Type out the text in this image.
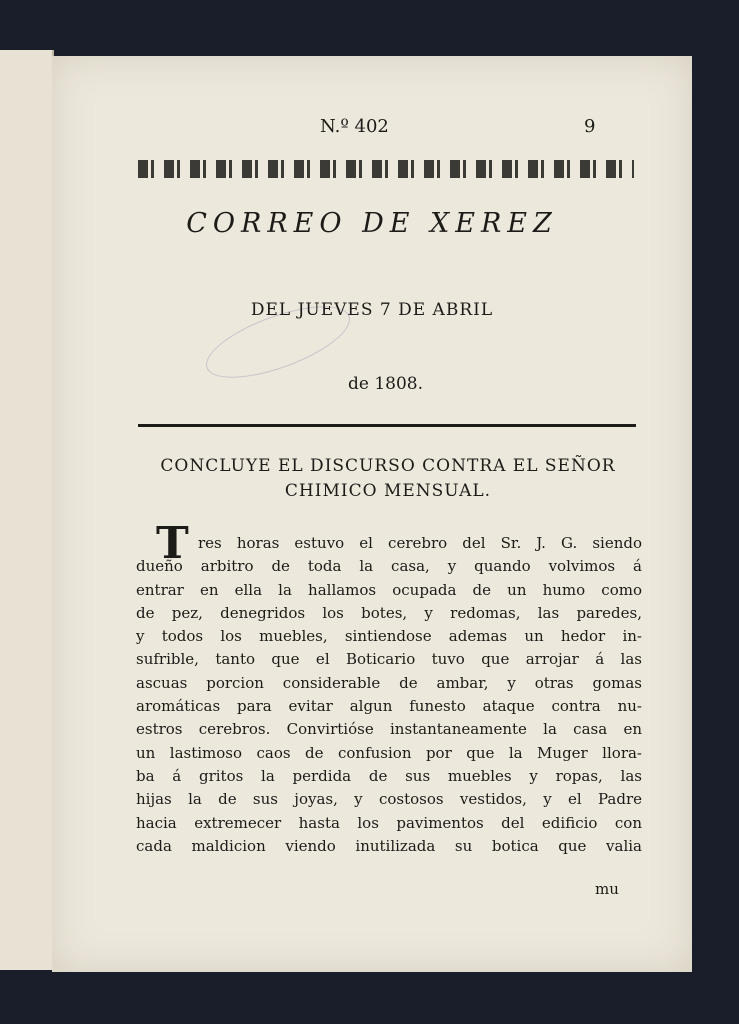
N.º 402	9
CORREO DE XEREZ
DEL JUEVES 7 DE ABRIL
de 1808.
CONCLUYE EL DISCURSO CONTRA EL SEÑOR
CHIMICO MENSUAL.
T res horas estuvo el cerebro del Sr. J. G. siendo
dueño arbitro de toda la casa, y quando volvimos á
entrar en ella la hallamos ocupada de un humo como
de pez, denegridos los botes, y redomas, las paredes,
y todos los muebles, sintiendose ademas un hedor in-
sufrible, tanto que el Boticario tuvo que arrojar á las
ascuas porcion considerable de ambar, y otras gomas
aromáticas para evitar algun funesto ataque contra nu-
estros cerebros. Convirtióse instantaneamente la casa en
un lastimoso caos de confusion por que la Muger llora-
ba á gritos la perdida de sus muebles y ropas, las
hijas la de sus joyas, y costosos vestidos, y el Padre
hacia extremecer hasta los pavimentos del edificio con
cada maldicion viendo inutilizada su botica que valia
mu
